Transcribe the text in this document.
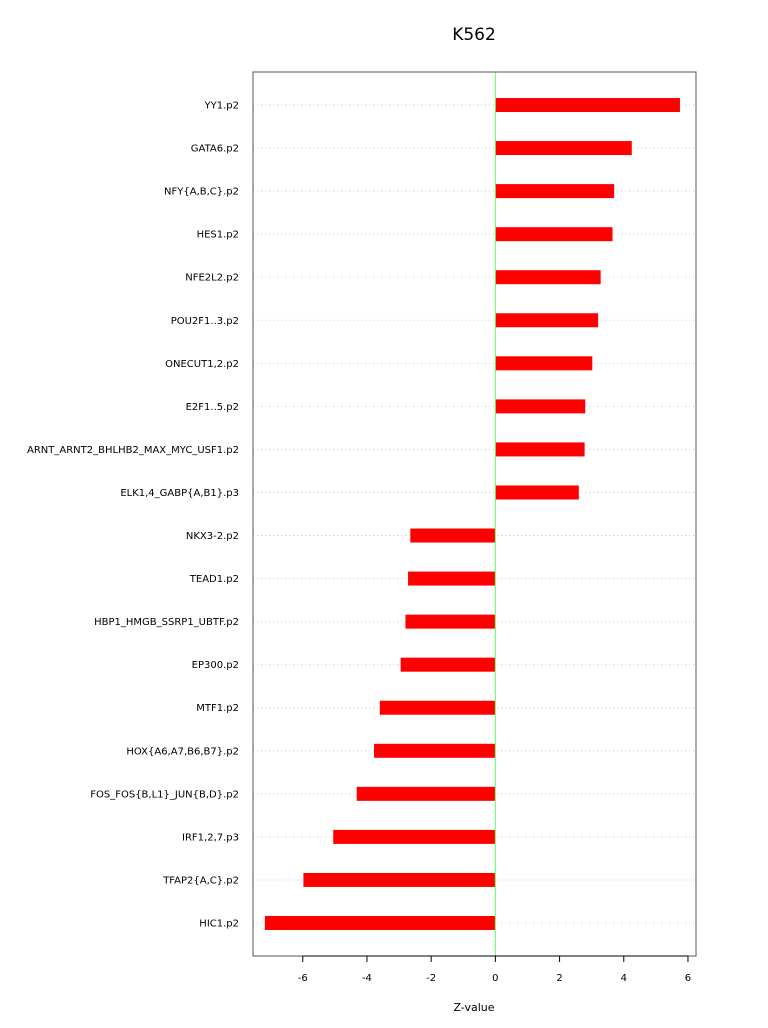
K562
YY1.p2
GATA6.p2
NFY{A,B,C}.p2
HES1.p2
NFE2L2.p2
POU2F1..3.p2
ONECUT1,2.p2
E2F1..5.p2
ARNT_ARNT2_BHLHB2_MAX_MYC_USF1.p2
ELK1,4_GABP{A,B1}.p3
NKX3-2.p2
TEAD1.p2
HBP1_HMGB_SSRP1_UBTF.p2
EP300.p2
MTF1.p2
HOX{A6,A7,B6,B7}.p2
FOS_FOS{B,L1}_JUN{B,D}.p2
IRF1,2,7.p3
TFAP2{A,C}.p2
HIC1.p2
-6	-4	-2	0	2	4	6
Z-value
